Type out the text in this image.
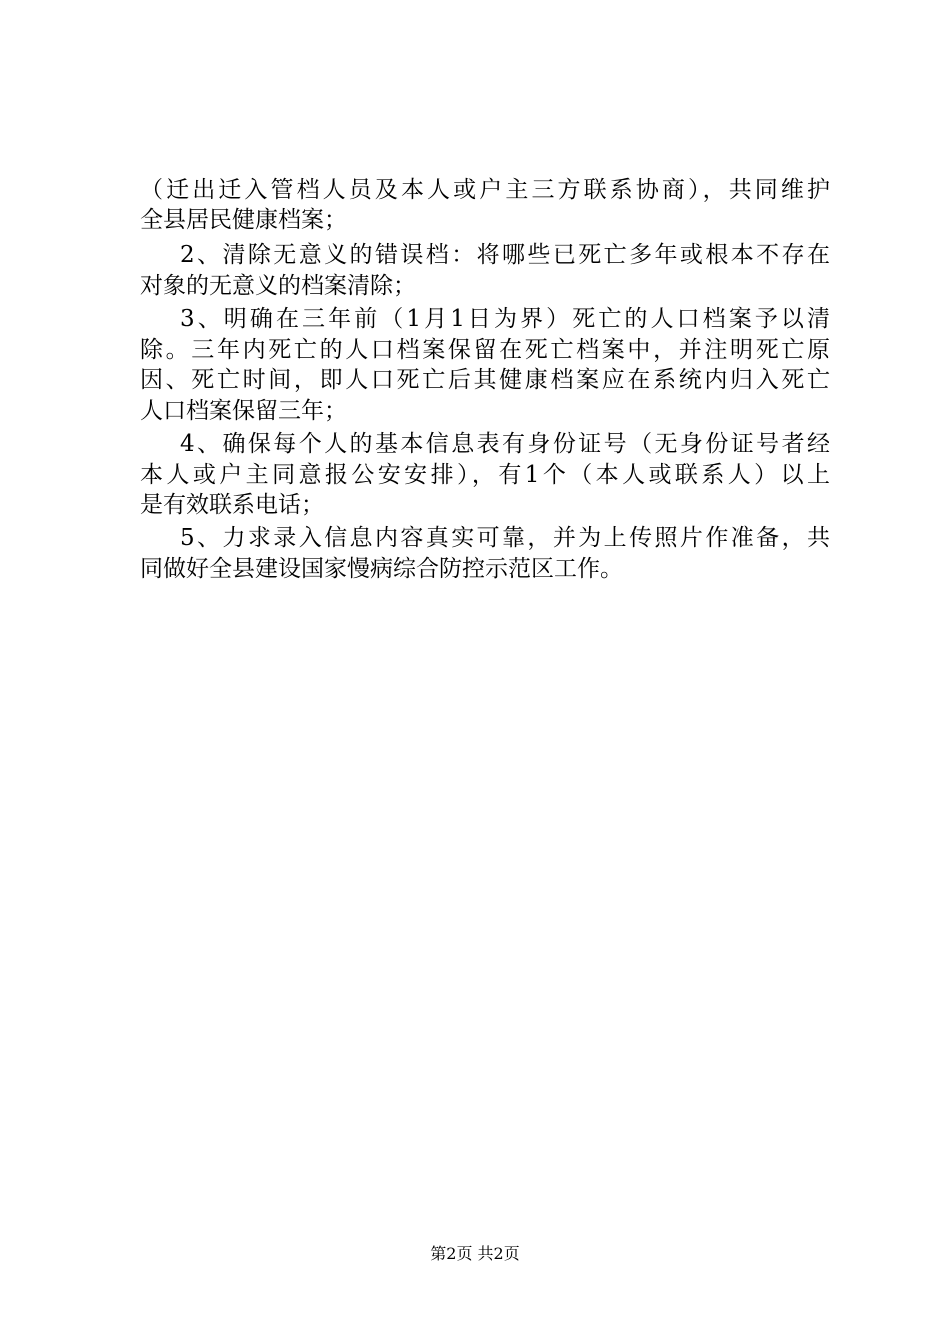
（迁出迁入管档人员及本人或户主三方联系协商），共同维护
全县居民健康档案；
2、清除无意义的错误档：将哪些已死亡多年或根本不存在
对象的无意义的档案清除；
3、明确在三年前（1月1日为界）死亡的人口档案予以清
除。三年内死亡的人口档案保留在死亡档案中，并注明死亡原
因、死亡时间，即人口死亡后其健康档案应在系统内归入死亡
人口档案保留三年；
4、确保每个人的基本信息表有身份证号（无身份证号者经
本人或户主同意报公安安排），有1个（本人或联系人）以上
是有效联系电话；
5、力求录入信息内容真实可靠，并为上传照片作准备，共
同做好全县建设国家慢病综合防控示范区工作。
第2页 共2页
